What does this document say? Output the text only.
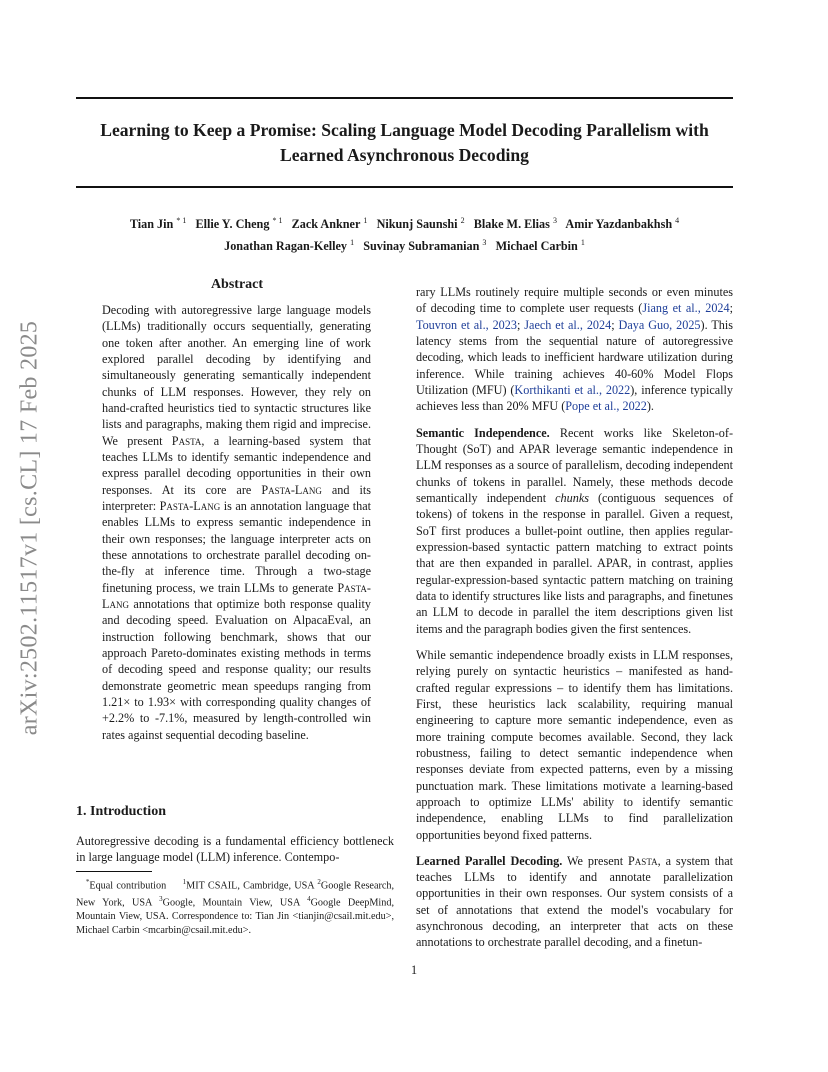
Learning to Keep a Promise: Scaling Language Model Decoding Parallelism with
Learned Asynchronous Decoding
Tian Jin $^{* 1}$ Ellie Y. Cheng $^{* 1}$ Zack Ankner $^1$ Nikunj Saunshi $^2$ Blake M. Elias $^3$ Amir Yazdanbakhsh $^4$
Jonathan Ragan-Kelley $^1$ Suvinay Subramanian $^3$ Michael Carbin $^1$
arXiv:2502.11517v1 [cs.CL] 17 Feb 2025
Abstract

Decoding with autoregressive large language models (LLMs) traditionally occurs sequentially, generating one token after another. An emerging line of work explored parallel decoding by identifying and simultaneously generating semantically independent chunks of LLM responses. However, they rely on hand-crafted heuristics tied to syntactic structures like lists and paragraphs, making them rigid and imprecise. We present Pasta, a learning-based system that teaches LLMs to identify semantic independence and express parallel decoding opportunities in their own responses. At its core are Pasta-Lang and its interpreter: Pasta-Lang is an annotation language that enables LLMs to express semantic independence in their own responses; the language interpreter acts on these annotations to orchestrate parallel decoding on-the-fly at inference time. Through a two-stage finetuning process, we train LLMs to generate Pasta-Lang annotations that optimize both response quality and decoding speed. Evaluation on AlpacaEval, an instruction following benchmark, shows that our approach Pareto-dominates existing methods in terms of decoding speed and response quality; our results demonstrate geometric mean speedups ranging from 1.21× to 1.93× with corresponding quality changes of +2.2% to -7.1%, measured by length-controlled win rates against sequential decoding baseline.

1. Introduction
Autoregressive decoding is a fundamental efficiency bottleneck in large language model (LLM) inference. Contempo-
*Equal contribution     $^1$MIT CSAIL, Cambridge, USA $^2$Google Research, New York, USA $^3$Google, Mountain View, USA $^4$Google DeepMind, Mountain View, USA. Correspondence to: Tian Jin <tianjin@csail.mit.edu>, Michael Carbin <mcarbin@csail.mit.edu>.

rary LLMs routinely require multiple seconds or even minutes of decoding time to complete user requests (Jiang et al., 2024; Touvron et al., 2023; Jaech et al., 2024; Daya Guo, 2025). This latency stems from the sequential nature of autoregressive decoding, which leads to inefficient hardware utilization during inference. While training achieves 40-60% Model Flops Utilization (MFU) (Korthikanti et al., 2022), inference typically achieves less than 20% MFU (Pope et al., 2022).

Semantic Independence. Recent works like Skeleton-of-Thought (SoT) and APAR leverage semantic independence in LLM responses as a source of parallelism, decoding independent chunks of tokens in parallel. Namely, these methods decode semantically independent chunks (contiguous sequences of tokens) of tokens in the response in parallel. Given a request, SoT first produces a bullet-point outline, then applies regular-expression-based syntactic pattern matching to extract points that are then expanded in parallel. APAR, in contrast, applies regular-expression-based syntactic pattern matching on training data to identify structures like lists and paragraphs, and finetunes an LLM to decode in parallel the item descriptions given list items and the paragraph bodies given the first sentences.

While semantic independence broadly exists in LLM responses, relying purely on syntactic heuristics – manifested as hand-crafted regular expressions – to identify them has limitations. First, these heuristics lack scalability, requiring manual engineering to capture more semantic independence, even as more training compute becomes available. Second, they lack robustness, failing to detect semantic independence when responses deviate from expected patterns, even by a missing punctuation mark. These limitations motivate a learning-based approach to optimize LLMs' ability to identify semantic independence, enabling LLMs to find parallelization opportunities beyond fixed patterns.

Learned Parallel Decoding. We present Pasta, a system that teaches LLMs to identify and annotate parallelization opportunities in their own responses. Our system consists of a set of annotations that extend the model's vocabulary for asynchronous decoding, an interpreter that acts on these annotations to orchestrate parallel decoding, and a finetun-

1
